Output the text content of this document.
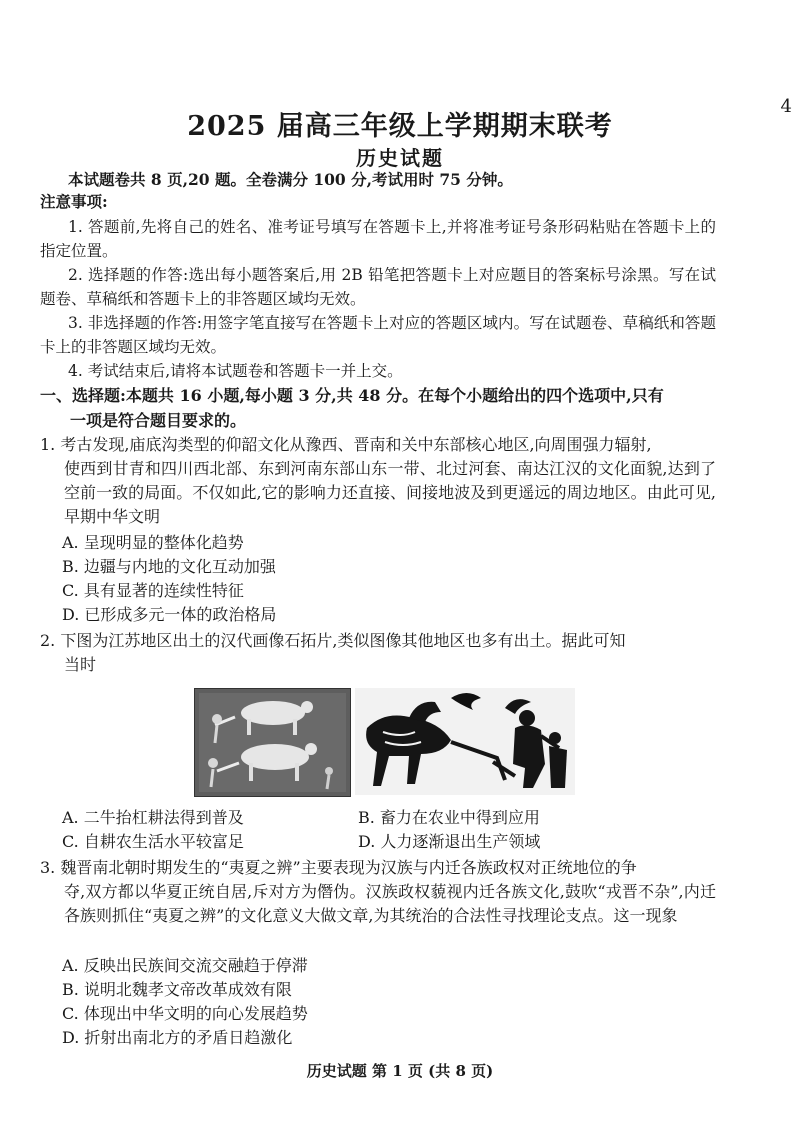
4
2025 届高三年级上学期期末联考
历史试题
本试题卷共 8 页,20 题。全卷满分 100 分,考试用时 75 分钟。
注意事项:

1. 答题前,先将自己的姓名、准考证号填写在答题卡上,并将准考证号条形码粘贴在答题卡上的指定位置。

2. 选择题的作答:选出每小题答案后,用 2B 铅笔把答题卡上对应题目的答案标号涂黑。写在试题卷、草稿纸和答题卡上的非答题区域均无效。

3. 非选择题的作答:用签字笔直接写在答题卡上对应的答题区域内。写在试题卷、草稿纸和答题卡上的非答题区域均无效。

4. 考试结束后,请将本试题卷和答题卡一并上交。

一、选择题:本题共 16 小题,每小题 3 分,共 48 分。在每个小题给出的四个选项中,只有
一项是符合题目要求的。
1. 考古发现,庙底沟类型的仰韶文化从豫西、晋南和关中东部核心地区,向周围强力辐射,
使西到甘青和四川西北部、东到河南东部山东一带、北过河套、南达江汉的文化面貌,达到了空前一致的局面。不仅如此,它的影响力还直接、间接地波及到更遥远的周边地区。由此可见,早期中华文明
A. 呈现明显的整体化趋势
B. 边疆与内地的文化互动加强
C. 具有显著的连续性特征
D. 已形成多元一体的政治格局
2. 下图为江苏地区出土的汉代画像石拓片,类似图像其他地区也多有出土。据此可知
当时
A. 二牛抬杠耕法得到普及	B. 畜力在农业中得到应用
C. 自耕农生活水平较富足	D. 人力逐渐退出生产领域
3. 魏晋南北朝时期发生的“夷夏之辨”主要表现为汉族与内迁各族政权对正统地位的争
夺,双方都以华夏正统自居,斥对方为僭伪。汉族政权藐视内迁各族文化,鼓吹“戎晋不杂”,内迁各族则抓住“夷夏之辨”的文化意义大做文章,为其统治的合法性寻找理论支点。这一现象
A. 反映出民族间交流交融趋于停滞
B. 说明北魏孝文帝改革成效有限
C. 体现出中华文明的向心发展趋势
D. 折射出南北方的矛盾日趋激化
历史试题 第 1 页 (共 8 页)
